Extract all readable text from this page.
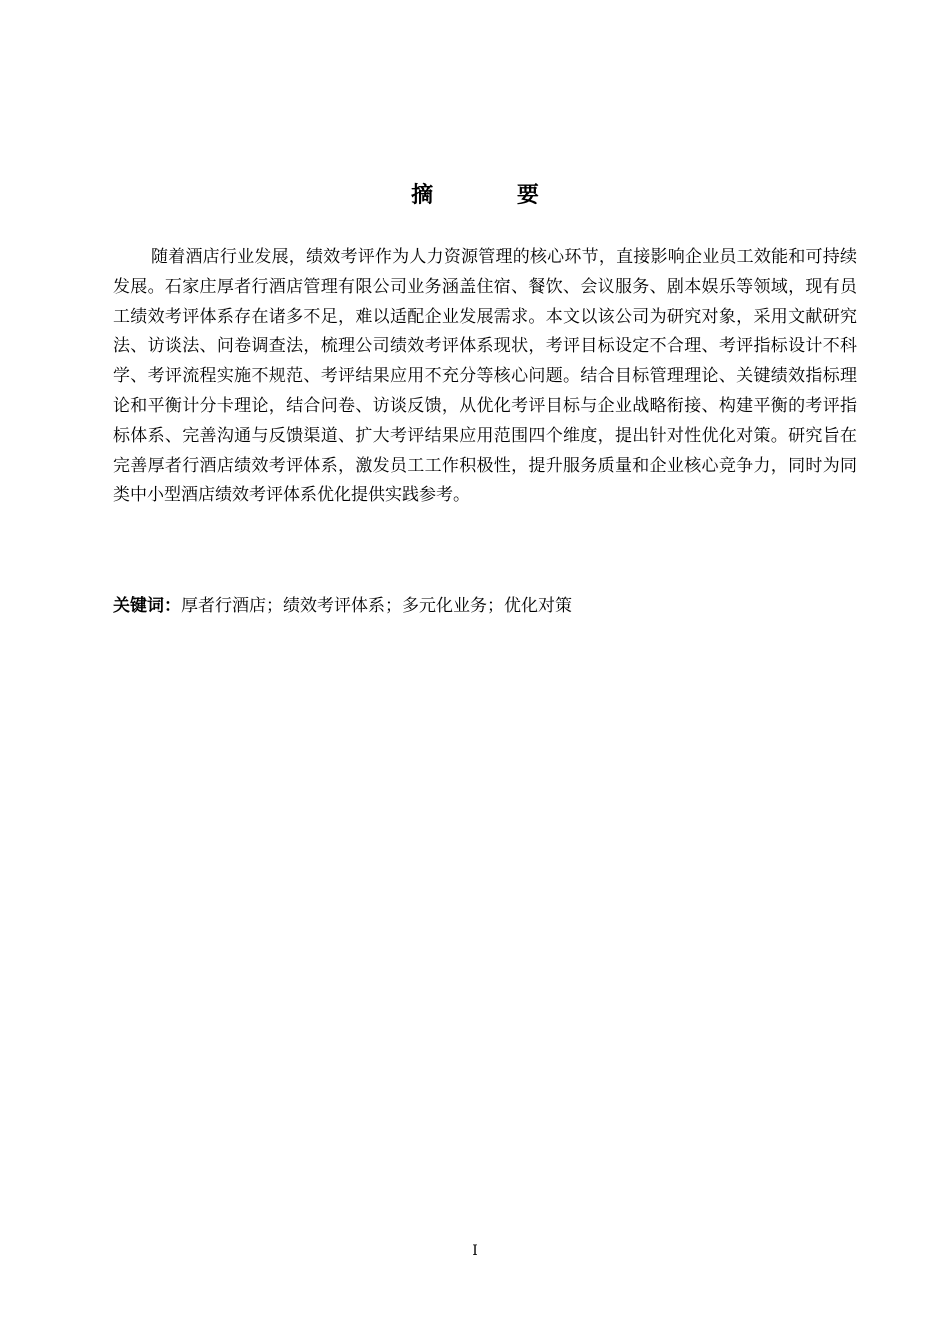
摘 要

随着酒店行业发展，绩效考评作为人力资源管理的核心环节，直接影响企业员工效能和可持续发展。石家庄厚者行酒店管理有限公司业务涵盖住宿、餐饮、会议服务、剧本娱乐等领域，现有员工绩效考评体系存在诸多不足，难以适配企业发展需求。本文以该公司为研究对象，采用文献研究法、访谈法、问卷调查法，梳理公司绩效考评体系现状，考评目标设定不合理、考评指标设计不科学、考评流程实施不规范、考评结果应用不充分等核心问题。结合目标管理理论、关键绩效指标理论和平衡计分卡理论，结合问卷、访谈反馈，从优化考评目标与企业战略衔接、构建平衡的考评指标体系、完善沟通与反馈渠道、扩大考评结果应用范围四个维度，提出针对性优化对策。研究旨在完善厚者行酒店绩效考评体系，激发员工工作积极性，提升服务质量和企业核心竞争力，同时为同类中小型酒店绩效考评体系优化提供实践参考。

关键词：厚者行酒店；绩效考评体系；多元化业务；优化对策

I
